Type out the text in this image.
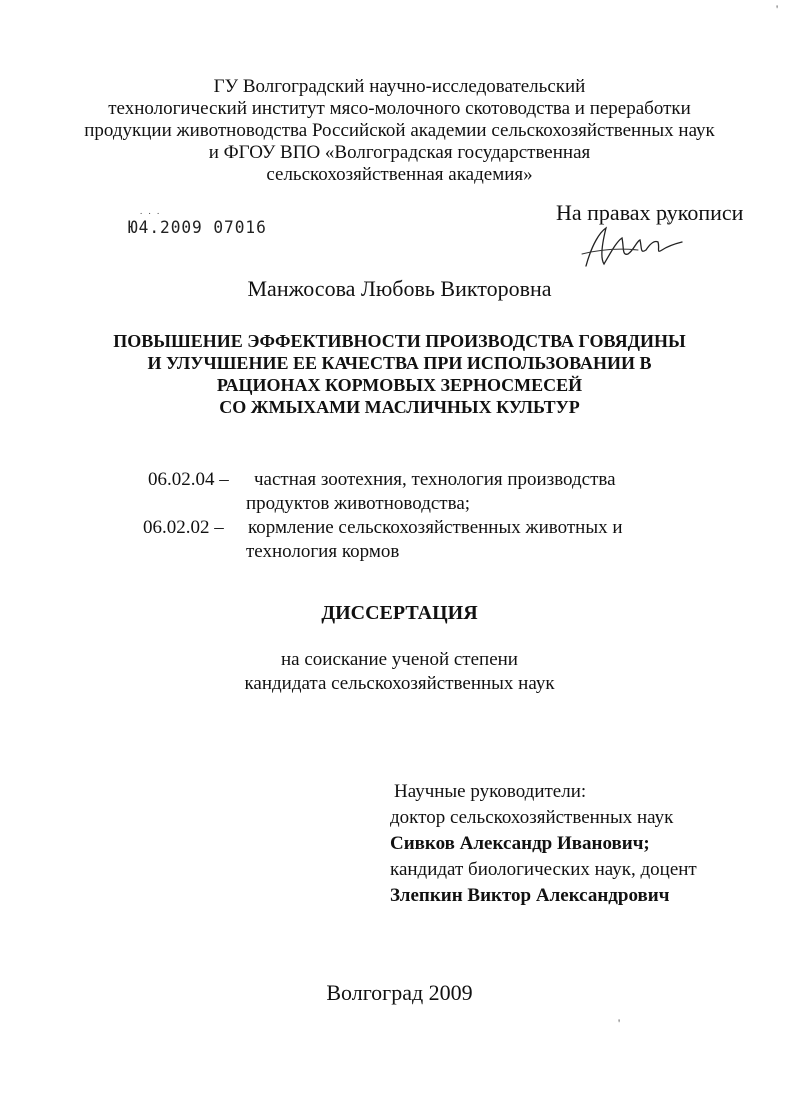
'
ГУ Волгоградский научно-исследовательский
технологический институт мясо-молочного скотоводства и переработки
продукции животноводства Российской академии сельскохозяйственных наук
и ФГОУ ВПО «Волгоградская государственная
сельскохозяйственная академия»
. . .
Ю4.2009 07016
На правах рукописи
Манжосова Любовь Викторовна
ПОВЫШЕНИЕ ЭФФЕКТИВНОСТИ ПРОИЗВОДСТВА ГОВЯДИНЫ
И УЛУЧШЕНИЕ ЕЕ КАЧЕСТВА ПРИ ИСПОЛЬЗОВАНИИ В
РАЦИОНАХ КОРМОВЫХ ЗЕРНОСМЕСЕЙ
СО ЖМЫХАМИ МАСЛИЧНЫХ КУЛЬТУР
06.02.04 – частная зоотехния, технология производства
продуктов животноводства;
06.02.02 – кормление сельскохозяйственных животных и
технология кормов
ДИССЕРТАЦИЯ
на соискание ученой степени
кандидата сельскохозяйственных наук
Научные руководители:
доктор сельскохозяйственных наук
Сивков Александр Иванович;
кандидат биологических наук, доцент
Злепкин Виктор Александрович
Волгоград 2009
'
